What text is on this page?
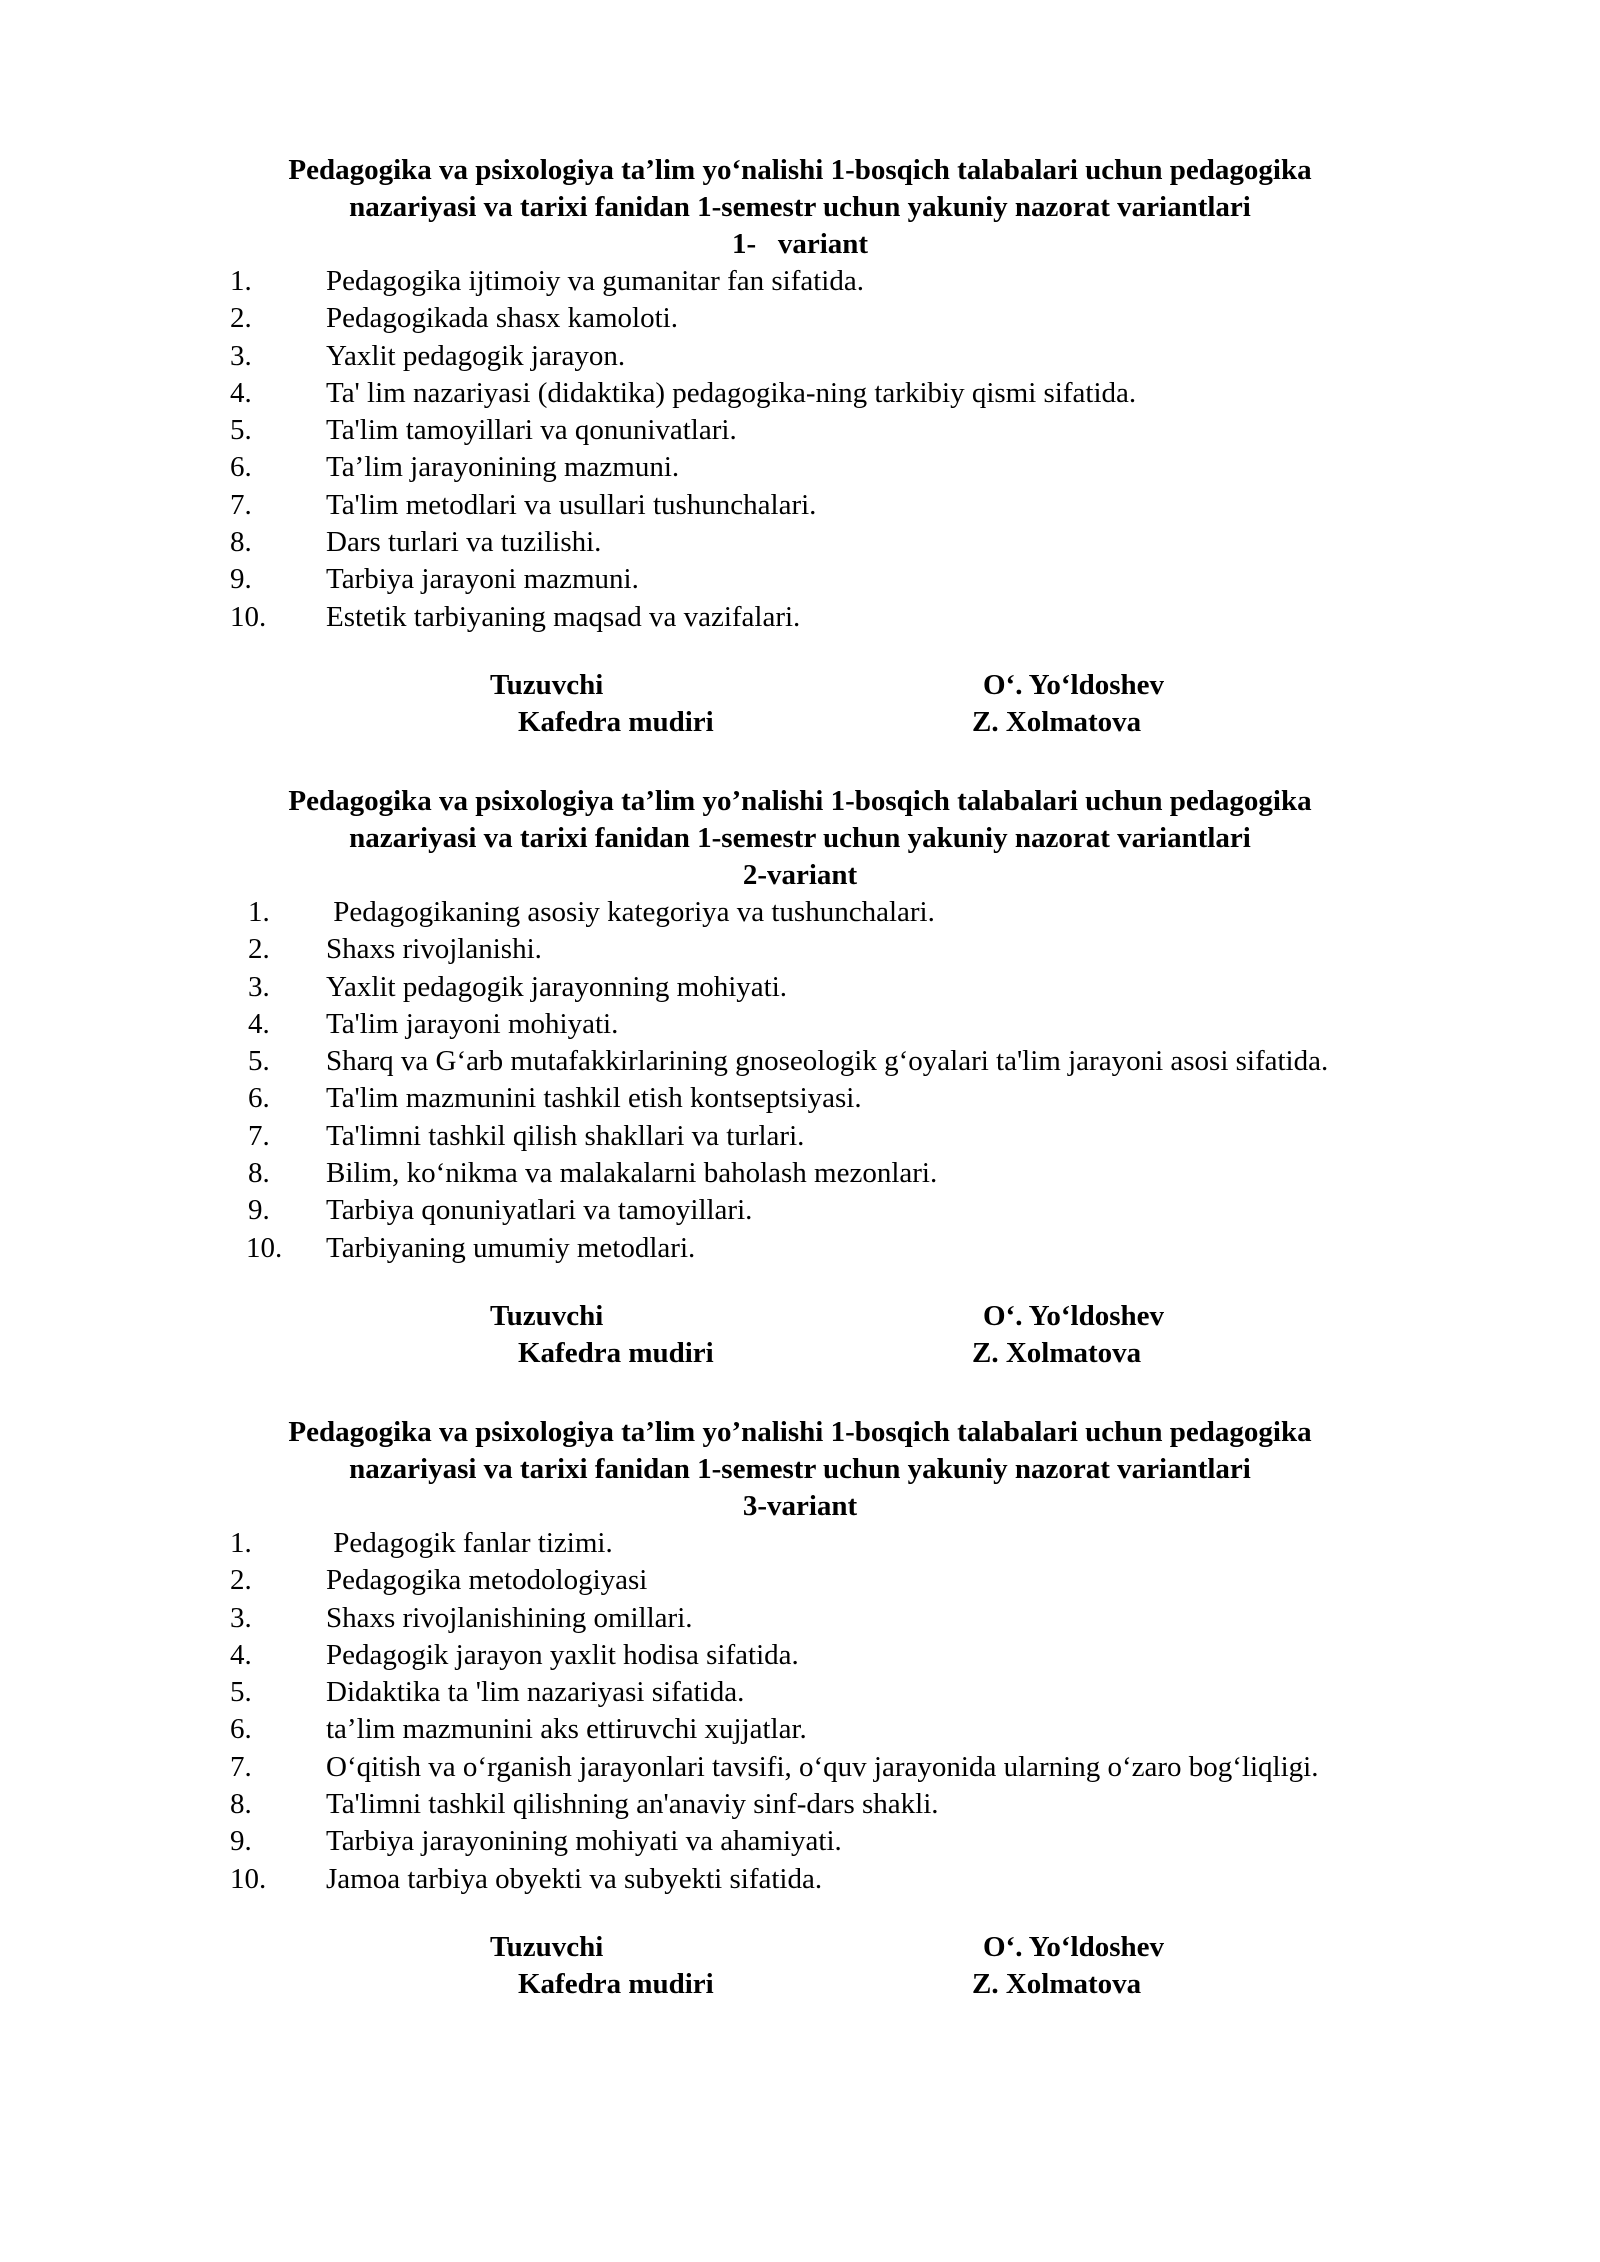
Pedagogika va psixologiya ta’lim yo‘nalishi 1-bosqich talabalari uchun pedagogika
nazariyasi va tarixi fanidan 1-semestr uchun yakuniy nazorat variantlari
1-   variant
1.	Pedagogika ijtimoiy va gumanitar fan sifatida.
2.	Pedagogikada shasx kamoloti.
3.	Yaxlit pedagogik jarayon.
4.	Ta' lim nazariyasi (didaktika) pedagogika-ning tarkibiy qismi sifatida.
5.	Ta'lim tamoyillari va qonunivatlari.
6.	Ta’lim jarayonining mazmuni.
7.	Ta'lim metodlari va usullari tushunchalari.
8.	Dars turlari va tuzilishi.
9.	Tarbiya jarayoni mazmuni.
10.	Estetik tarbiyaning maqsad va vazifalari.
Tuzuvchi	O‘. Yo‘ldoshev
Kafedra mudiri	Z. Xolmatova
Pedagogika va psixologiya ta’lim yo’nalishi 1-bosqich talabalari uchun pedagogika
nazariyasi va tarixi fanidan 1-semestr uchun yakuniy nazorat variantlari
2-variant
1.	Pedagogikaning asosiy kategoriya va tushunchalari.
2.	Shaxs rivojlanishi.
3.	Yaxlit pedagogik jarayonning mohiyati.
4.	Ta'lim jarayoni mohiyati.
5.	Sharq va G‘arb mutafakkirlarining gnoseologik g‘oyalari ta'lim jarayoni asosi sifatida.
6.	Ta'lim mazmunini tashkil etish kontseptsiyasi.
7.	Ta'limni tashkil qilish shakllari va turlari.
8.	Bilim, ko‘nikma va malakalarni baholash mezonlari.
9.	Tarbiya qonuniyatlari va tamoyillari.
10.	Tarbiyaning umumiy metodlari.
Tuzuvchi	O‘. Yo‘ldoshev
Kafedra mudiri	Z. Xolmatova
Pedagogika va psixologiya ta’lim yo’nalishi 1-bosqich talabalari uchun pedagogika
nazariyasi va tarixi fanidan 1-semestr uchun yakuniy nazorat variantlari
3-variant
1.	Pedagogik fanlar tizimi.
2.	Pedagogika metodologiyasi
3.	Shaxs rivojlanishining omillari.
4.	Pedagogik jarayon yaxlit hodisa sifatida.
5.	Didaktika ta 'lim nazariyasi sifatida.
6.	ta’lim mazmunini aks ettiruvchi xujjatlar.
7.	O‘qitish va o‘rganish jarayonlari tavsifi, o‘quv jarayonida ularning o‘zaro bog‘liqligi.
8.	Ta'limni tashkil qilishning an'anaviy sinf-dars shakli.
9.	Tarbiya jarayonining mohiyati va ahamiyati.
10.	Jamoa tarbiya obyekti va subyekti sifatida.
Tuzuvchi	O‘. Yo‘ldoshev
Kafedra mudiri	Z. Xolmatova
